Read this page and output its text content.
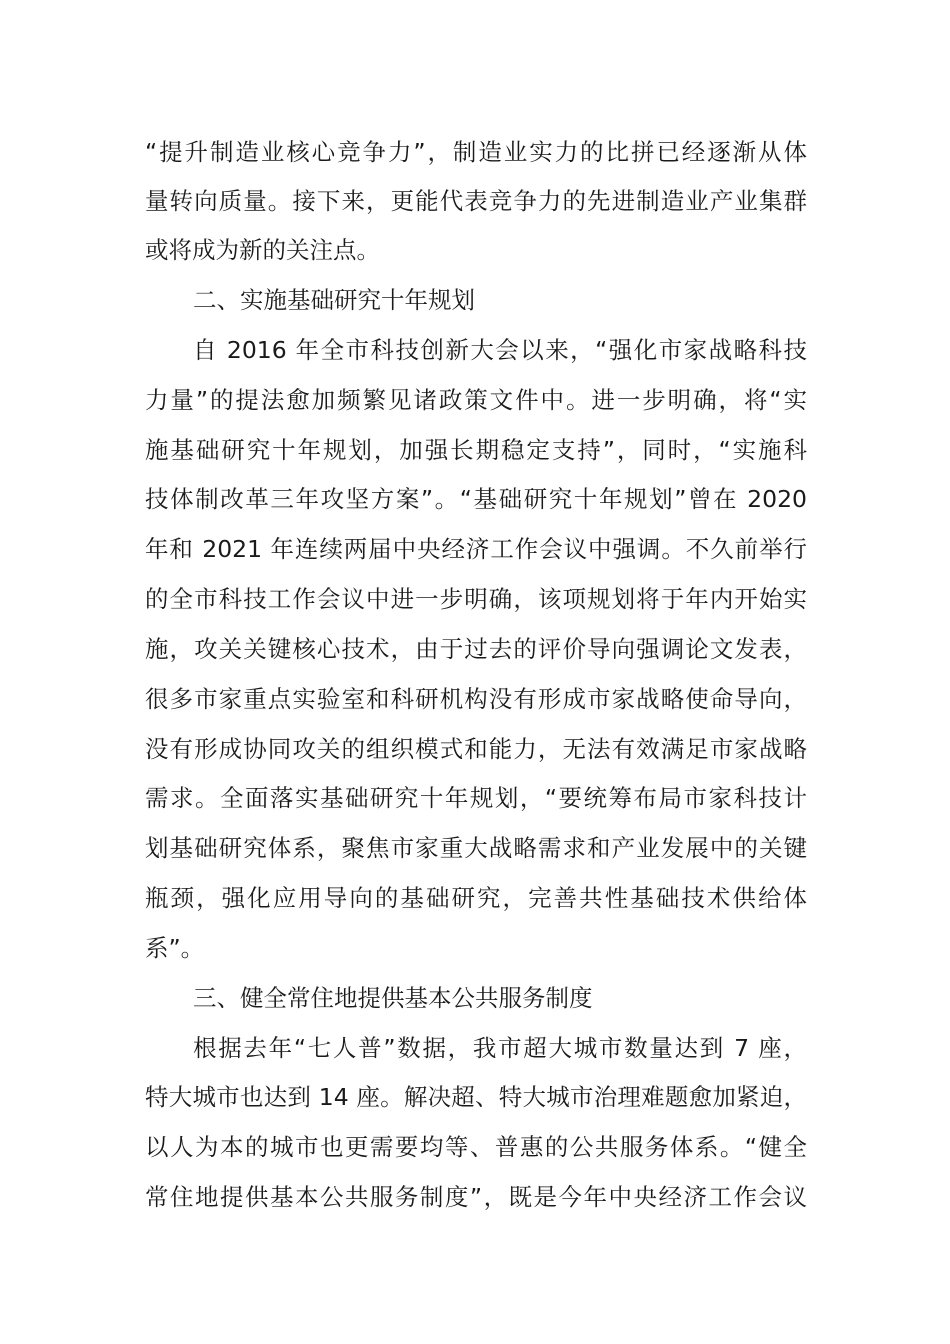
“提升制造业核心竞争力”，制造业实力的比拼已经逐渐从体
量转向质量。接下来，更能代表竞争力的先进制造业产业集群
或将成为新的关注点。
二、实施基础研究十年规划
自 2016 年全市科技创新大会以来，“强化市家战略科技
力量”的提法愈加频繁见诸政策文件中。进一步明确，将“实
施基础研究十年规划，加强长期稳定支持”，同时，“实施科
技体制改革三年攻坚方案”。“基础研究十年规划”曾在 2020
年和 2021 年连续两届中央经济工作会议中强调。不久前举行
的全市科技工作会议中进一步明确，该项规划将于年内开始实
施，攻关关键核心技术，由于过去的评价导向强调论文发表，
很多市家重点实验室和科研机构没有形成市家战略使命导向，
没有形成协同攻关的组织模式和能力，无法有效满足市家战略
需求。全面落实基础研究十年规划，“要统筹布局市家科技计
划基础研究体系，聚焦市家重大战略需求和产业发展中的关键
瓶颈，强化应用导向的基础研究，完善共性基础技术供给体
系”。
三、健全常住地提供基本公共服务制度
根据去年“七人普”数据，我市超大城市数量达到 7 座，
特大城市也达到 14 座。解决超、特大城市治理难题愈加紧迫，
以人为本的城市也更需要均等、普惠的公共服务体系。“健全
常住地提供基本公共服务制度”，既是今年中央经济工作会议
